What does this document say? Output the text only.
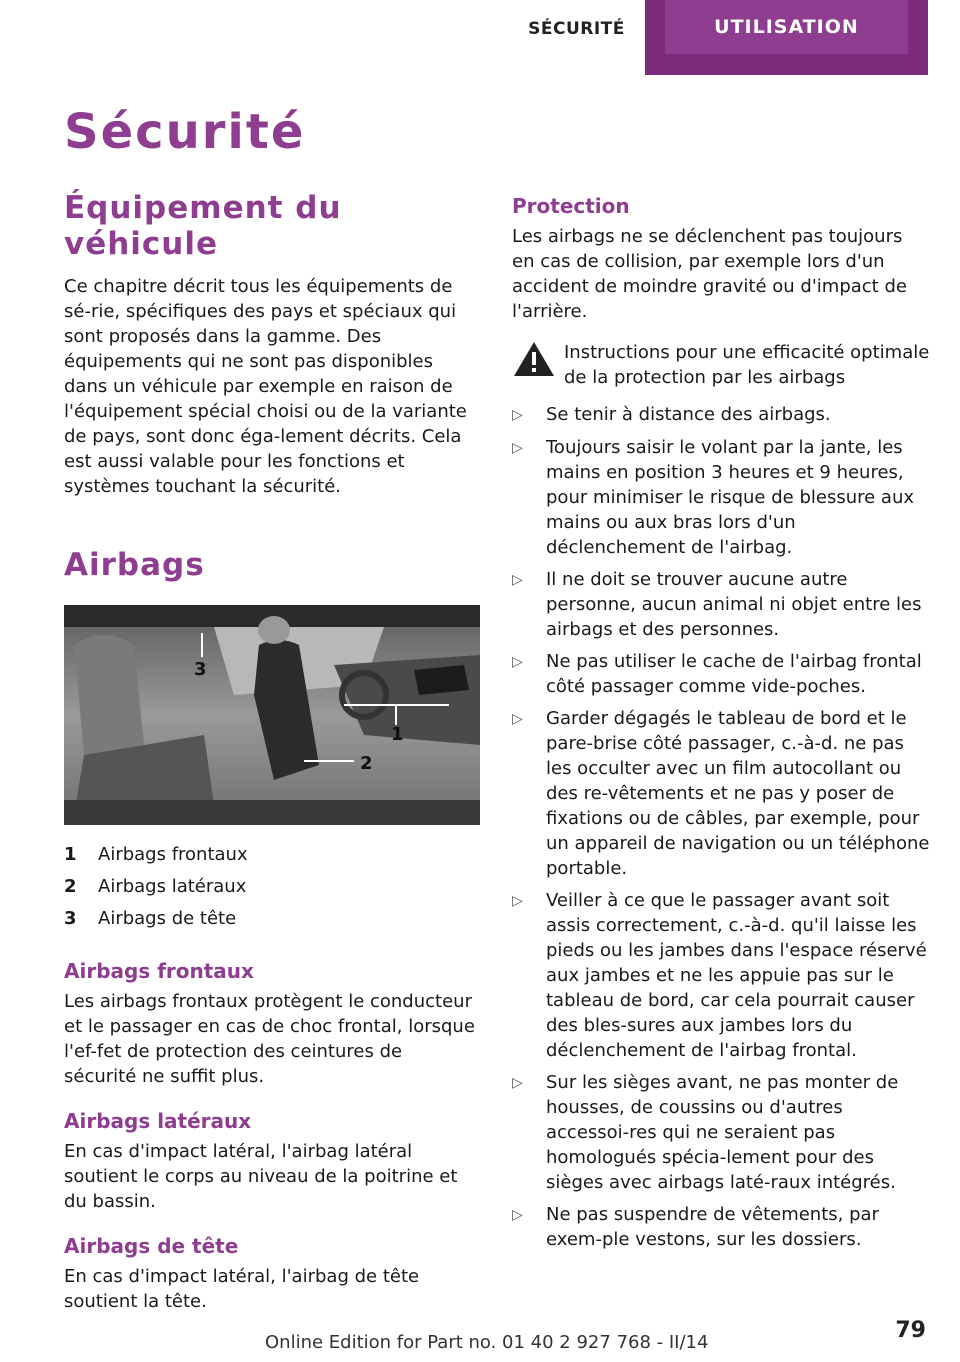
SÉCURITÉ	UTILISATION
Sécurité
Équipement du véhicule

Ce chapitre décrit tous les équipements de sé-rie, spécifiques des pays et spéciaux qui sont proposés dans la gamme. Des équipements qui ne sont pas disponibles dans un véhicule par exemple en raison de l'équipement spécial choisi ou de la variante de pays, sont donc éga-lement décrits. Cela est aussi valable pour les fonctions et systèmes touchant la sécurité.

Airbags
1
2
3
1	Airbags frontaux
2	Airbags latéraux
3	Airbags de tête
Airbags frontaux

Les airbags frontaux protègent le conducteur et le passager en cas de choc frontal, lorsque l'ef-fet de protection des ceintures de sécurité ne suffit plus.

Airbags latéraux

En cas d'impact latéral, l'airbag latéral soutient le corps au niveau de la poitrine et du bassin.

Airbags de tête

En cas d'impact latéral, l'airbag de tête soutient la tête.

Protection

Les airbags ne se déclenchent pas toujours en cas de collision, par exemple lors d'un accident de moindre gravité ou d'impact de l'arrière.

Instructions pour une efficacité optimale de la protection par les airbags
▷	Se tenir à distance des airbags.
▷	Toujours saisir le volant par la jante, les mains en position 3 heures et 9 heures, pour minimiser le risque de blessure aux mains ou aux bras lors d'un déclenchement de l'airbag.
▷	Il ne doit se trouver aucune autre personne, aucun animal ni objet entre les airbags et des personnes.
▷	Ne pas utiliser le cache de l'airbag frontal côté passager comme vide-poches.
▷	Garder dégagés le tableau de bord et le pare-brise côté passager, c.-à-d. ne pas les occulter avec un film autocollant ou des re-vêtements et ne pas y poser de fixations ou de câbles, par exemple, pour un appareil de navigation ou un téléphone portable.
▷	Veiller à ce que le passager avant soit assis correctement, c.-à-d. qu'il laisse les pieds ou les jambes dans l'espace réservé aux jambes et ne les appuie pas sur le tableau de bord, car cela pourrait causer des bles-sures aux jambes lors du déclenchement de l'airbag frontal.
▷	Sur les sièges avant, ne pas monter de housses, de coussins ou d'autres accessoi-res qui ne seraient pas homologués spécia-lement pour des sièges avec airbags laté-raux intégrés.
▷	Ne pas suspendre de vêtements, par exem-ple vestons, sur les dossiers.
79
Online Edition for Part no. 01 40 2 927 768 - II/14
